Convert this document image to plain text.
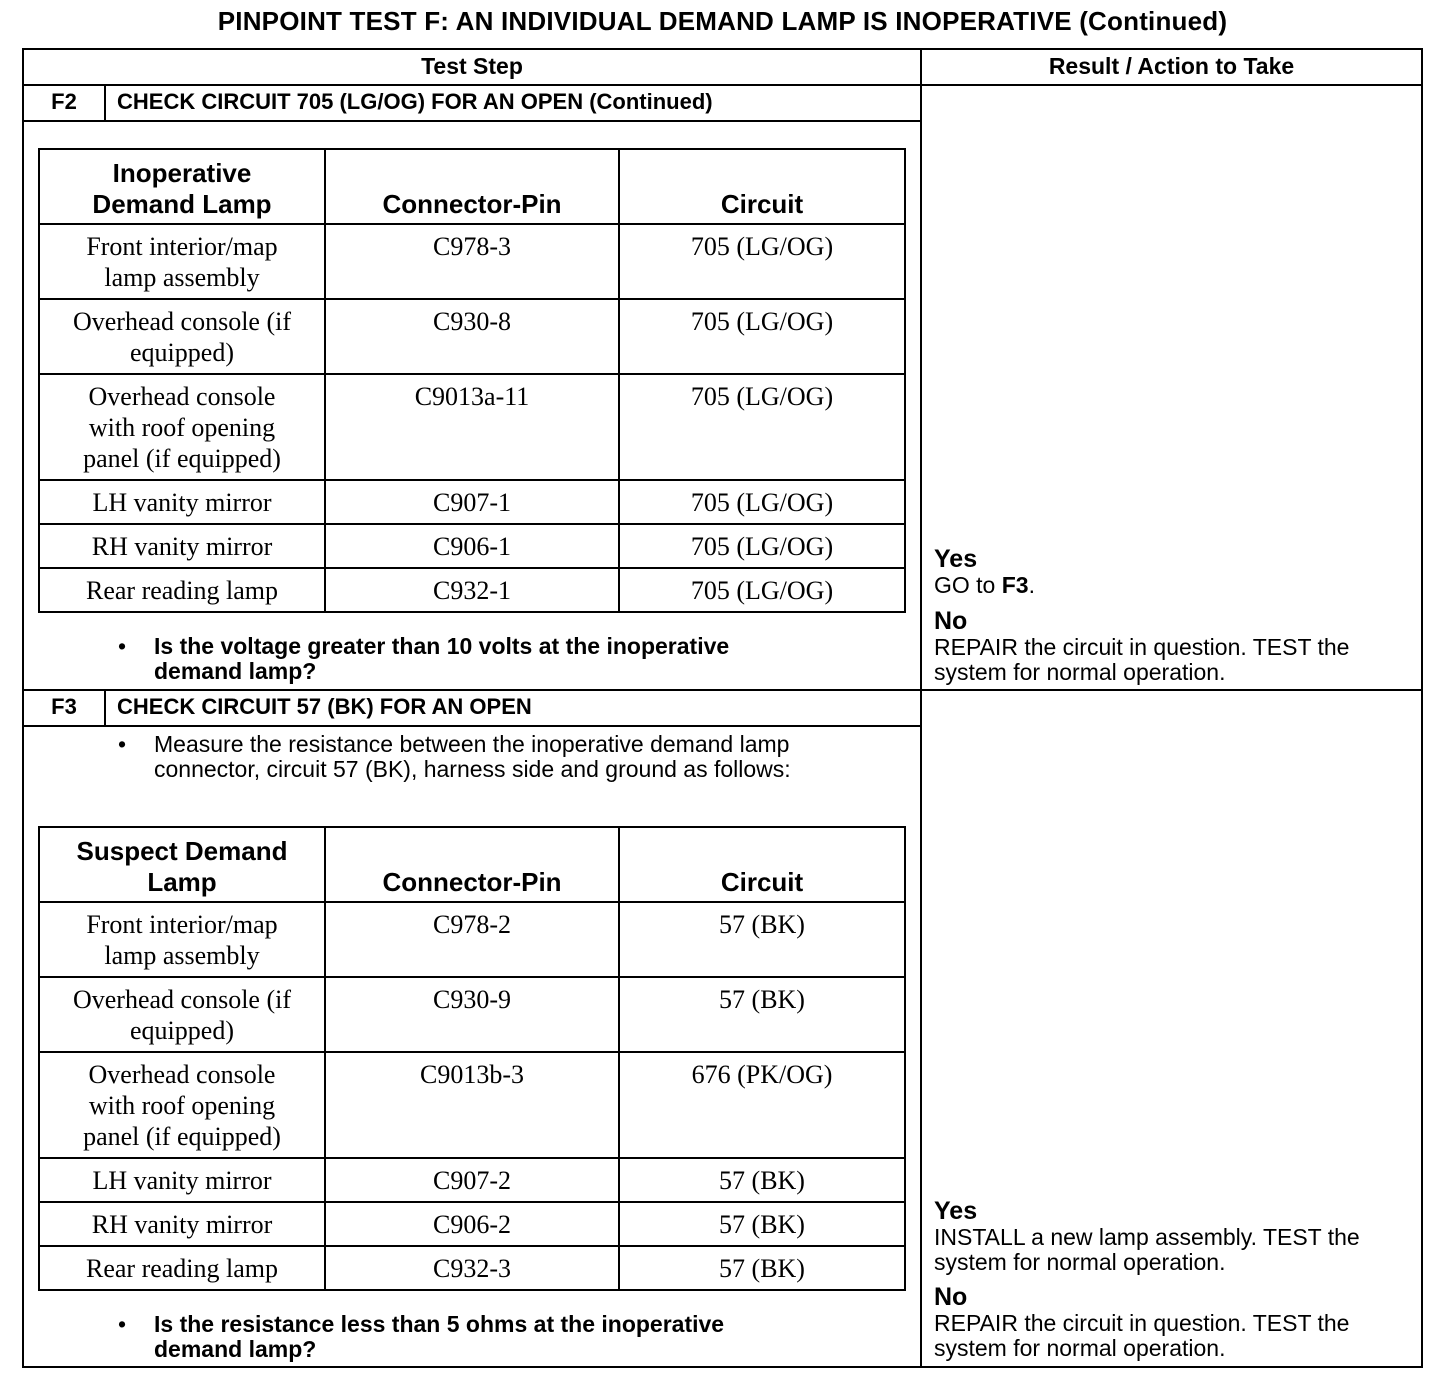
PINPOINT TEST F: AN INDIVIDUAL DEMAND LAMP IS INOPERATIVE (Continued)
Test Step	Result / Action to Take
F2	CHECK CIRCUIT 705 (LG/OG) FOR AN OPEN (Continued)
Inoperative Demand Lamp	Connector-Pin	Circuit
Front interior/map lamp assembly	C978-3	705 (LG/OG)
Overhead console (if equipped)	C930-8	705 (LG/OG)
Overhead console with roof opening panel (if equipped)	C9013a-11	705 (LG/OG)
LH vanity mirror	C907-1	705 (LG/OG)
RH vanity mirror	C906-1	705 (LG/OG)
Rear reading lamp	C932-1	705 (LG/OG)
•	Is the voltage greater than 10 volts at the inoperative demand lamp?
Yes
GO to F3.
No
REPAIR the circuit in question. TEST the system for normal operation.
F3	CHECK CIRCUIT 57 (BK) FOR AN OPEN
•	Measure the resistance between the inoperative demand lamp connector, circuit 57 (BK), harness side and ground as follows:
Suspect Demand Lamp	Connector-Pin	Circuit
Front interior/map lamp assembly	C978-2	57 (BK)
Overhead console (if equipped)	C930-9	57 (BK)
Overhead console with roof opening panel (if equipped)	C9013b-3	676 (PK/OG)
LH vanity mirror	C907-2	57 (BK)
RH vanity mirror	C906-2	57 (BK)
Rear reading lamp	C932-3	57 (BK)
•	Is the resistance less than 5 ohms at the inoperative demand lamp?
Yes
INSTALL a new lamp assembly. TEST the system for normal operation.
No
REPAIR the circuit in question. TEST the system for normal operation.
